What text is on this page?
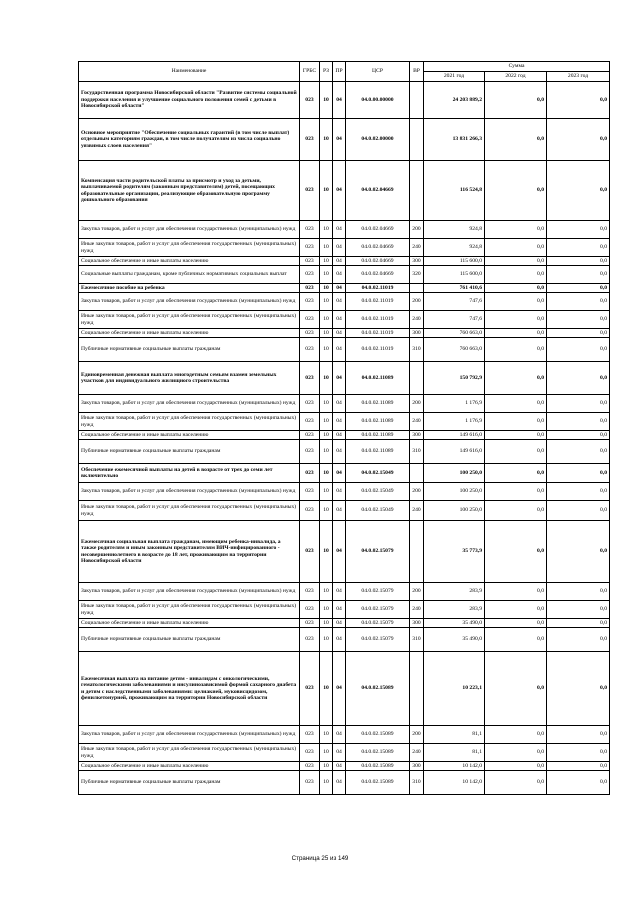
Наименование	ГРБС	РЗ	ПР	ЦСР	ВР	Сумма		
						2021 год	2022 год	2023 год
Государственная программа Новосибирской области "Развитие системы социальной поддержки населения и улучшение социального положения семей с детьми в Новосибирской области"	023	10	04	04.0.00.00000		24 203 889,2	0,0	0,0
Основное мероприятие "Обеспечение социальных гарантий (в том числе выплат) отдельным категориям граждан, в том числе получателям из числа социально уязвимых слоев населения"	023	10	04	04.0.02.00000		13 831 266,3	0,0	0,0
Компенсация части родительской платы за присмотр и уход за детьми, выплачиваемой родителям (законным представителям) детей, посещающих образовательные организации, реализующие образовательную программу дошкольного образования	023	10	04	04.0.02.04669		116 524,8	0,0	0,0
Закупка товаров, работ и услуг для обеспечения государственных (муниципальных) нужд	023	10	04	04.0.02.04669	200	924,8	0,0	0,0
Иные закупки товаров, работ и услуг для обеспечения государственных (муниципальных) нужд	023	10	04	04.0.02.04669	240	924,8	0,0	0,0
Социальное обеспечение и иные выплаты населению	023	10	04	04.0.02.04669	300	115 600,0	0,0	0,0
Социальные выплаты гражданам, кроме публичных нормативных социальных выплат	023	10	04	04.0.02.04669	320	115 600,0	0,0	0,0
Ежемесячное пособие на ребенка	023	10	04	04.0.02.11019		761 410,6	0,0	0,0
Закупка товаров, работ и услуг для обеспечения государственных (муниципальных) нужд	023	10	04	04.0.02.11019	200	747,6	0,0	0,0
Иные закупки товаров, работ и услуг для обеспечения государственных (муниципальных) нужд	023	10	04	04.0.02.11019	240	747,6	0,0	0,0
Социальное обеспечение и иные выплаты населению	023	10	04	04.0.02.11019	300	760 663,0	0,0	0,0
Публичные нормативные социальные выплаты гражданам	023	10	04	04.0.02.11019	310	760 663,0	0,0	0,0
Единовременная денежная выплата многодетным семьям взамен земельных участков для индивидуального жилищного строительства	023	10	04	04.0.02.11089		150 792,9	0,0	0,0
Закупка товаров, работ и услуг для обеспечения государственных (муниципальных) нужд	023	10	04	04.0.02.11089	200	1 176,9	0,0	0,0
Иные закупки товаров, работ и услуг для обеспечения государственных (муниципальных) нужд	023	10	04	04.0.02.11089	240	1 176,9	0,0	0,0
Социальное обеспечение и иные выплаты населению	023	10	04	04.0.02.11089	300	149 616,0	0,0	0,0
Публичные нормативные социальные выплаты гражданам	023	10	04	04.0.02.11089	310	149 616,0	0,0	0,0
Обеспечение ежемесячной выплаты на детей в возрасте от трех до семи лет включительно	023	10	04	04.0.02.15049		100 250,0	0,0	0,0
Закупка товаров, работ и услуг для обеспечения государственных (муниципальных) нужд	023	10	04	04.0.02.15049	200	100 250,0	0,0	0,0
Иные закупки товаров, работ и услуг для обеспечения государственных (муниципальных) нужд	023	10	04	04.0.02.15049	240	100 250,0	0,0	0,0
Ежемесячная социальная выплата гражданам, имеющим ребенка-инвалида, а также родителям и иным законным представителям ВИЧ-инфицированного - несовершеннолетнего в возрасте до 18 лет, проживающим на территории Новосибирской области	023	10	04	04.0.02.15079		35 773,9	0,0	0,0
Закупка товаров, работ и услуг для обеспечения государственных (муниципальных) нужд	023	10	04	04.0.02.15079	200	283,9	0,0	0,0
Иные закупки товаров, работ и услуг для обеспечения государственных (муниципальных) нужд	023	10	04	04.0.02.15079	240	283,9	0,0	0,0
Социальное обеспечение и иные выплаты населению	023	10	04	04.0.02.15079	300	35 490,0	0,0	0,0
Публичные нормативные социальные выплаты гражданам	023	10	04	04.0.02.15079	310	35 490,0	0,0	0,0
Ежемесячная выплата на питание детям - инвалидам с онкологическими, гематологическими заболеваниями и инсулинозависимой формой сахарного диабета и детям с наследственными заболеваниями: целиакией, муковисцидозом, фенилкетонурией, проживающим на территории Новосибирской области	023	10	04	04.0.02.15089		10 223,1	0,0	0,0
Закупка товаров, работ и услуг для обеспечения государственных (муниципальных) нужд	023	10	04	04.0.02.15089	200	81,1	0,0	0,0
Иные закупки товаров, работ и услуг для обеспечения государственных (муниципальных) нужд	023	10	04	04.0.02.15089	240	81,1	0,0	0,0
Социальное обеспечение и иные выплаты населению	023	10	04	04.0.02.15089	300	10 142,0	0,0	0,0
Публичные нормативные социальные выплаты гражданам	023	10	04	04.0.02.15089	310	10 142,0	0,0	0,0
Страница 25 из 149
